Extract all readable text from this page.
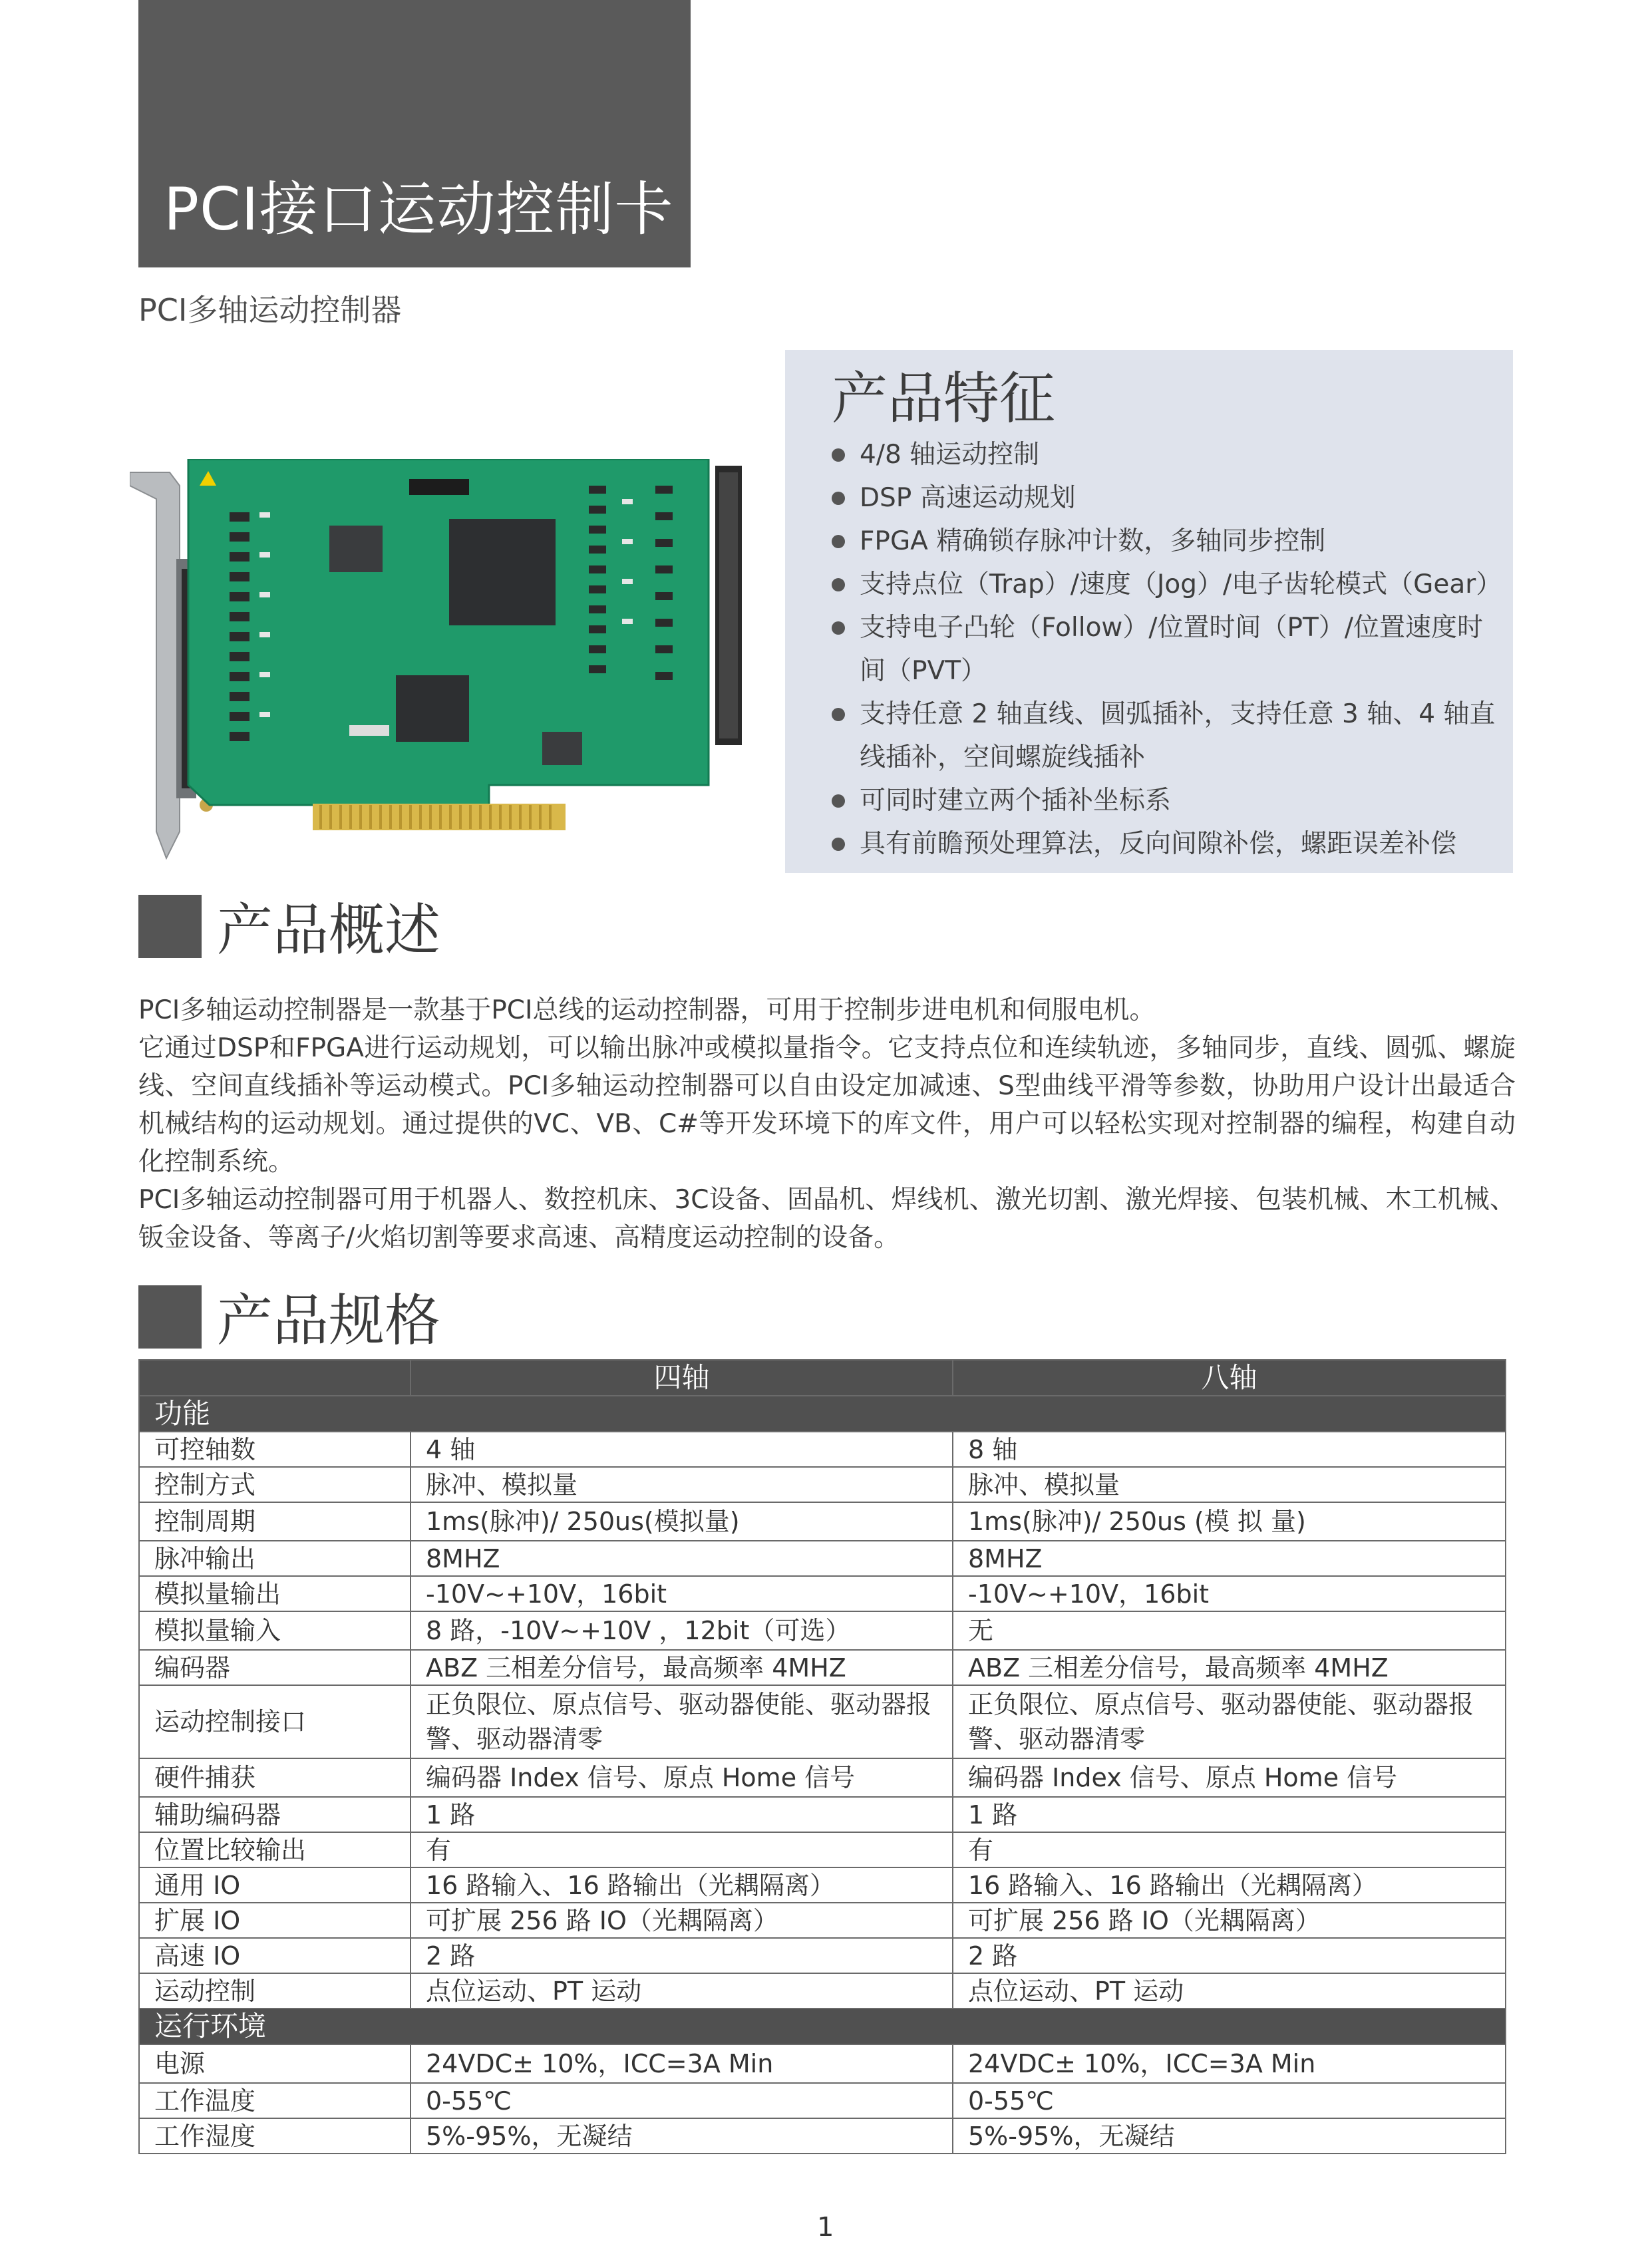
PCI接口运动控制卡
PCI多轴运动控制器
产品特征
4/8 轴运动控制
DSP 高速运动规划
FPGA 精确锁存脉冲计数，多轴同步控制
支持点位（Trap）/速度（Jog）/电子齿轮模式（Gear）
支持电子凸轮（Follow）/位置时间（PT）/位置速度时间（PVT）
支持任意 2 轴直线、圆弧插补，支持任意 3 轴、4 轴直线插补，空间螺旋线插补
可同时建立两个插补坐标系
具有前瞻预处理算法，反向间隙补偿，螺距误差补偿
产品概述

PCI多轴运动控制器是一款基于PCI总线的运动控制器，可用于控制步进电机和伺服电机。

它通过DSP和FPGA进行运动规划，可以输出脉冲或模拟量指令。它支持点位和连续轨迹，多轴同步，直线、圆弧、螺旋线、空间直线插补等运动模式。PCI多轴运动控制器可以自由设定加减速、S型曲线平滑等参数，协助用户设计出最适合机械结构的运动规划。通过提供的VC、VB、C#等开发环境下的库文件，用户可以轻松实现对控制器的编程，构建自动化控制系统。

PCI多轴运动控制器可用于机器人、数控机床、3C设备、固晶机、焊线机、激光切割、激光焊接、包装机械、木工机械、钣金设备、等离子/火焰切割等要求高速、高精度运动控制的设备。

产品规格
	四轴	八轴
功能		
可控轴数	4 轴	8 轴
控制方式	脉冲、模拟量	脉冲、模拟量
控制周期	1ms(脉冲)/ 250us(模拟量)	1ms(脉冲)/ 250us (模 拟 量)
脉冲输出	8MHZ	8MHZ
模拟量输出	-10V~+10V，16bit	-10V~+10V，16bit
模拟量输入	8 路，-10V~+10V ，12bit（可选）	无
编码器	ABZ 三相差分信号，最高频率 4MHZ	ABZ 三相差分信号，最高频率 4MHZ
运动控制接口	正负限位、原点信号、驱动器使能、驱动器报警、驱动器清零	正负限位、原点信号、驱动器使能、驱动器报警、驱动器清零
硬件捕获	编码器 Index 信号、原点 Home 信号	编码器 Index 信号、原点 Home 信号
辅助编码器	1 路	1 路
位置比较输出	有	有
通用 IO	16 路输入、16 路输出（光耦隔离）	16 路输入、16 路输出（光耦隔离）
扩展 IO	可扩展 256 路 IO（光耦隔离）	可扩展 256 路 IO（光耦隔离）
高速 IO	2 路	2 路
运动控制	点位运动、PT 运动	点位运动、PT 运动
运行环境		
电源	24VDC± 10%，ICC=3A Min	24VDC± 10%，ICC=3A Min
工作温度	0-55℃	0-55℃
工作湿度	5%-95%，无凝结	5%-95%，无凝结
1
